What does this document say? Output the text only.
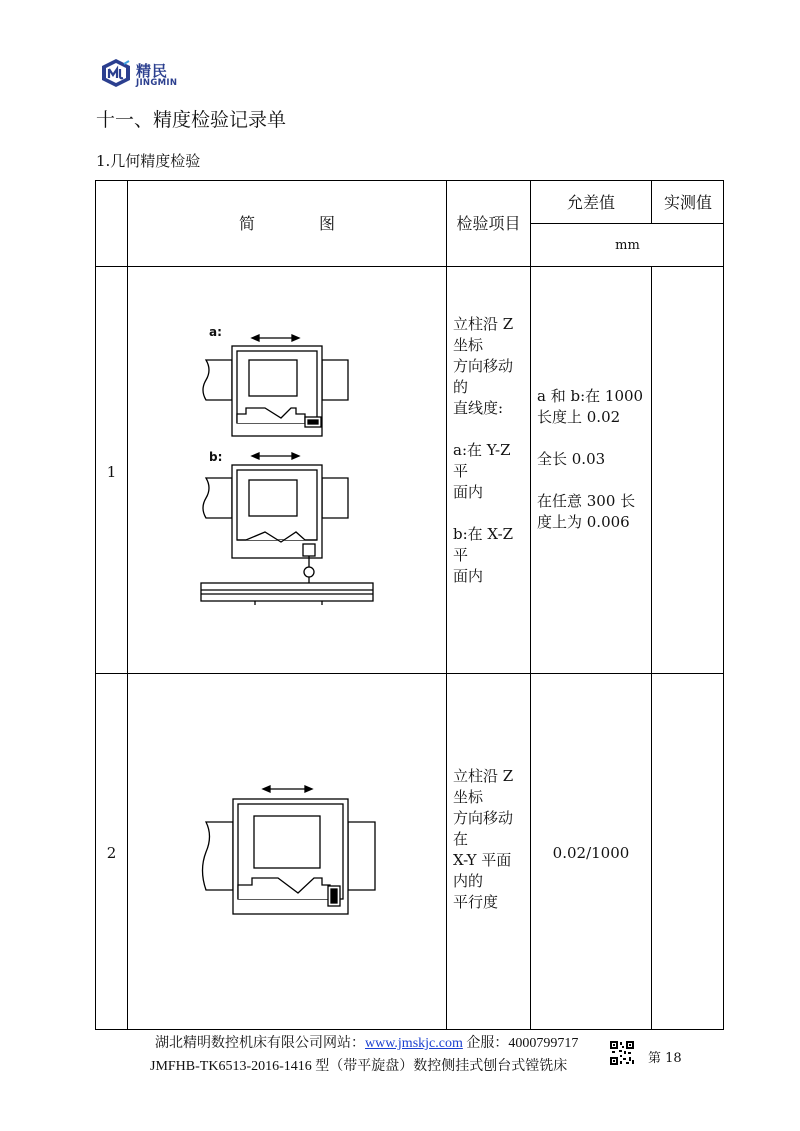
精民
JINGMIN
十一、精度检验记录单
1.几何精度检验
简　　　　图	检验项目
允差值	实测值
mm
1
a:
b:
立柱沿 Z
坐标
方向移动
的
直线度:
a:在 Y-Z
平
面内
b:在 X-Z
平
面内
a 和 b:在 1000
长度上 0.02
全长 0.03
在任意 300 长
度上为 0.006
2
立柱沿 Z
坐标
方向移动
在
X-Y 平面
内的
平行度
0.02/1000
湖北精明数控机床有限公司网站：www.jmskjc.com 企服：4000799717
第 18
JMFHB-TK6513-2016-1416 型（带平旋盘）数控侧挂式刨台式镗铣床
